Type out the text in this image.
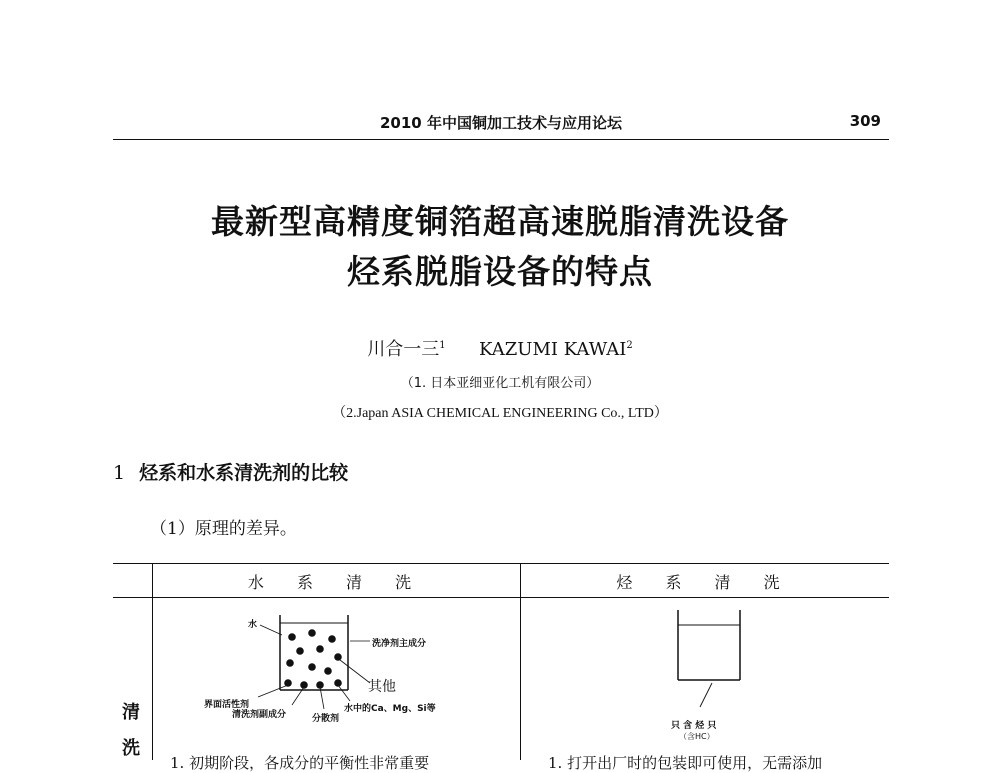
2010 年中国铜加工技术与应用论坛	309
最新型高精度铜箔超高速脱脂清洗设备
烃系脱脂设备的特点
川合一三$^1$ KAZUMI KAWAI$^2$
（1. 日本亚细亚化工机有限公司）
（2.Japan ASIA CHEMICAL ENGINEERING Co., LTD）
1 烃系和水系清洗剂的比较
（1）原理的差异。
水 系 清 洗	烃 系 清 洗
清
洗
水
洗净剂主成分
其他
界面活性剂
清洗剂副成分	分散剂
水中的Ca、Mg、Si等
只 含 烃 只
（含HC）
1. 初期阶段，各成分的平衡性非常重要	1. 打开出厂时的包装即可使用，无需添加
